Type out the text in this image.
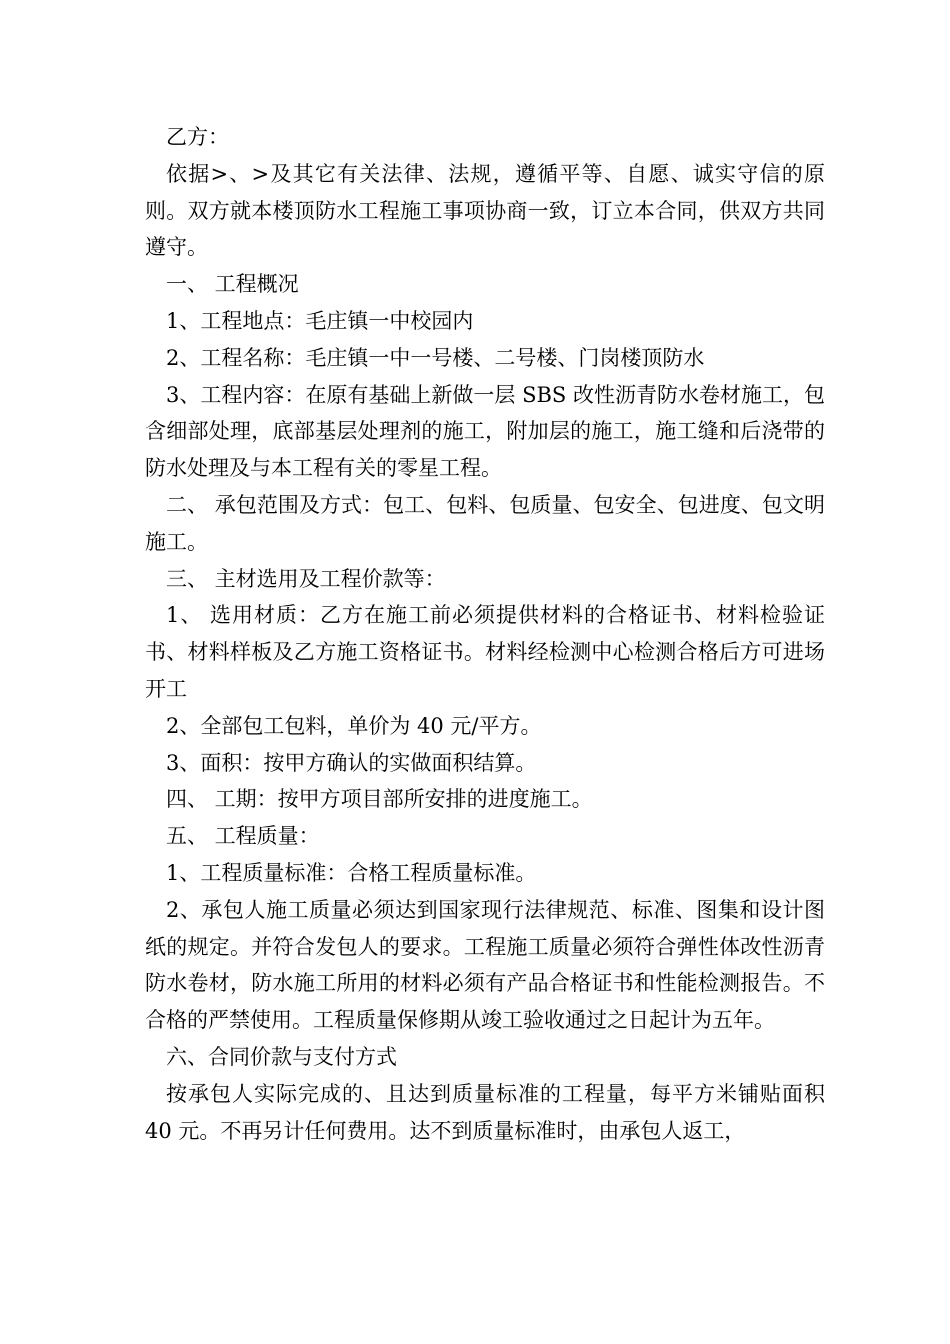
乙方：

依据>、>及其它有关法律、法规，遵循平等、自愿、诚实守信的原则。双方就本楼顶防水工程施工事项协商一致，订立本合同，供双方共同遵守。

一、 工程概况

1、工程地点：毛庄镇一中校园内

2、工程名称：毛庄镇一中一号楼、二号楼、门岗楼顶防水

3、工程内容：在原有基础上新做一层 SBS 改性沥青防水卷材施工，包含细部处理，底部基层处理剂的施工，附加层的施工，施工缝和后浇带的防水处理及与本工程有关的零星工程。

二、 承包范围及方式：包工、包料、包质量、包安全、包进度、包文明施工。

三、 主材选用及工程价款等：

1、 选用材质：乙方在施工前必须提供材料的合格证书、材料检验证书、材料样板及乙方施工资格证书。材料经检测中心检测合格后方可进场开工

2、全部包工包料，单价为 40 元/平方。

3、面积：按甲方确认的实做面积结算。

四、 工期：按甲方项目部所安排的进度施工。

五、 工程质量：

1、工程质量标准：合格工程质量标准。

2、承包人施工质量必须达到国家现行法律规范、标准、图集和设计图纸的规定。并符合发包人的要求。工程施工质量必须符合弹性体改性沥青防水卷材，防水施工所用的材料必须有产品合格证书和性能检测报告。不合格的严禁使用。工程质量保修期从竣工验收通过之日起计为五年。

六、合同价款与支付方式

按承包人实际完成的、且达到质量标准的工程量，每平方米铺贴面积 40 元。不再另计任何费用。达不到质量标准时，由承包人返工，
